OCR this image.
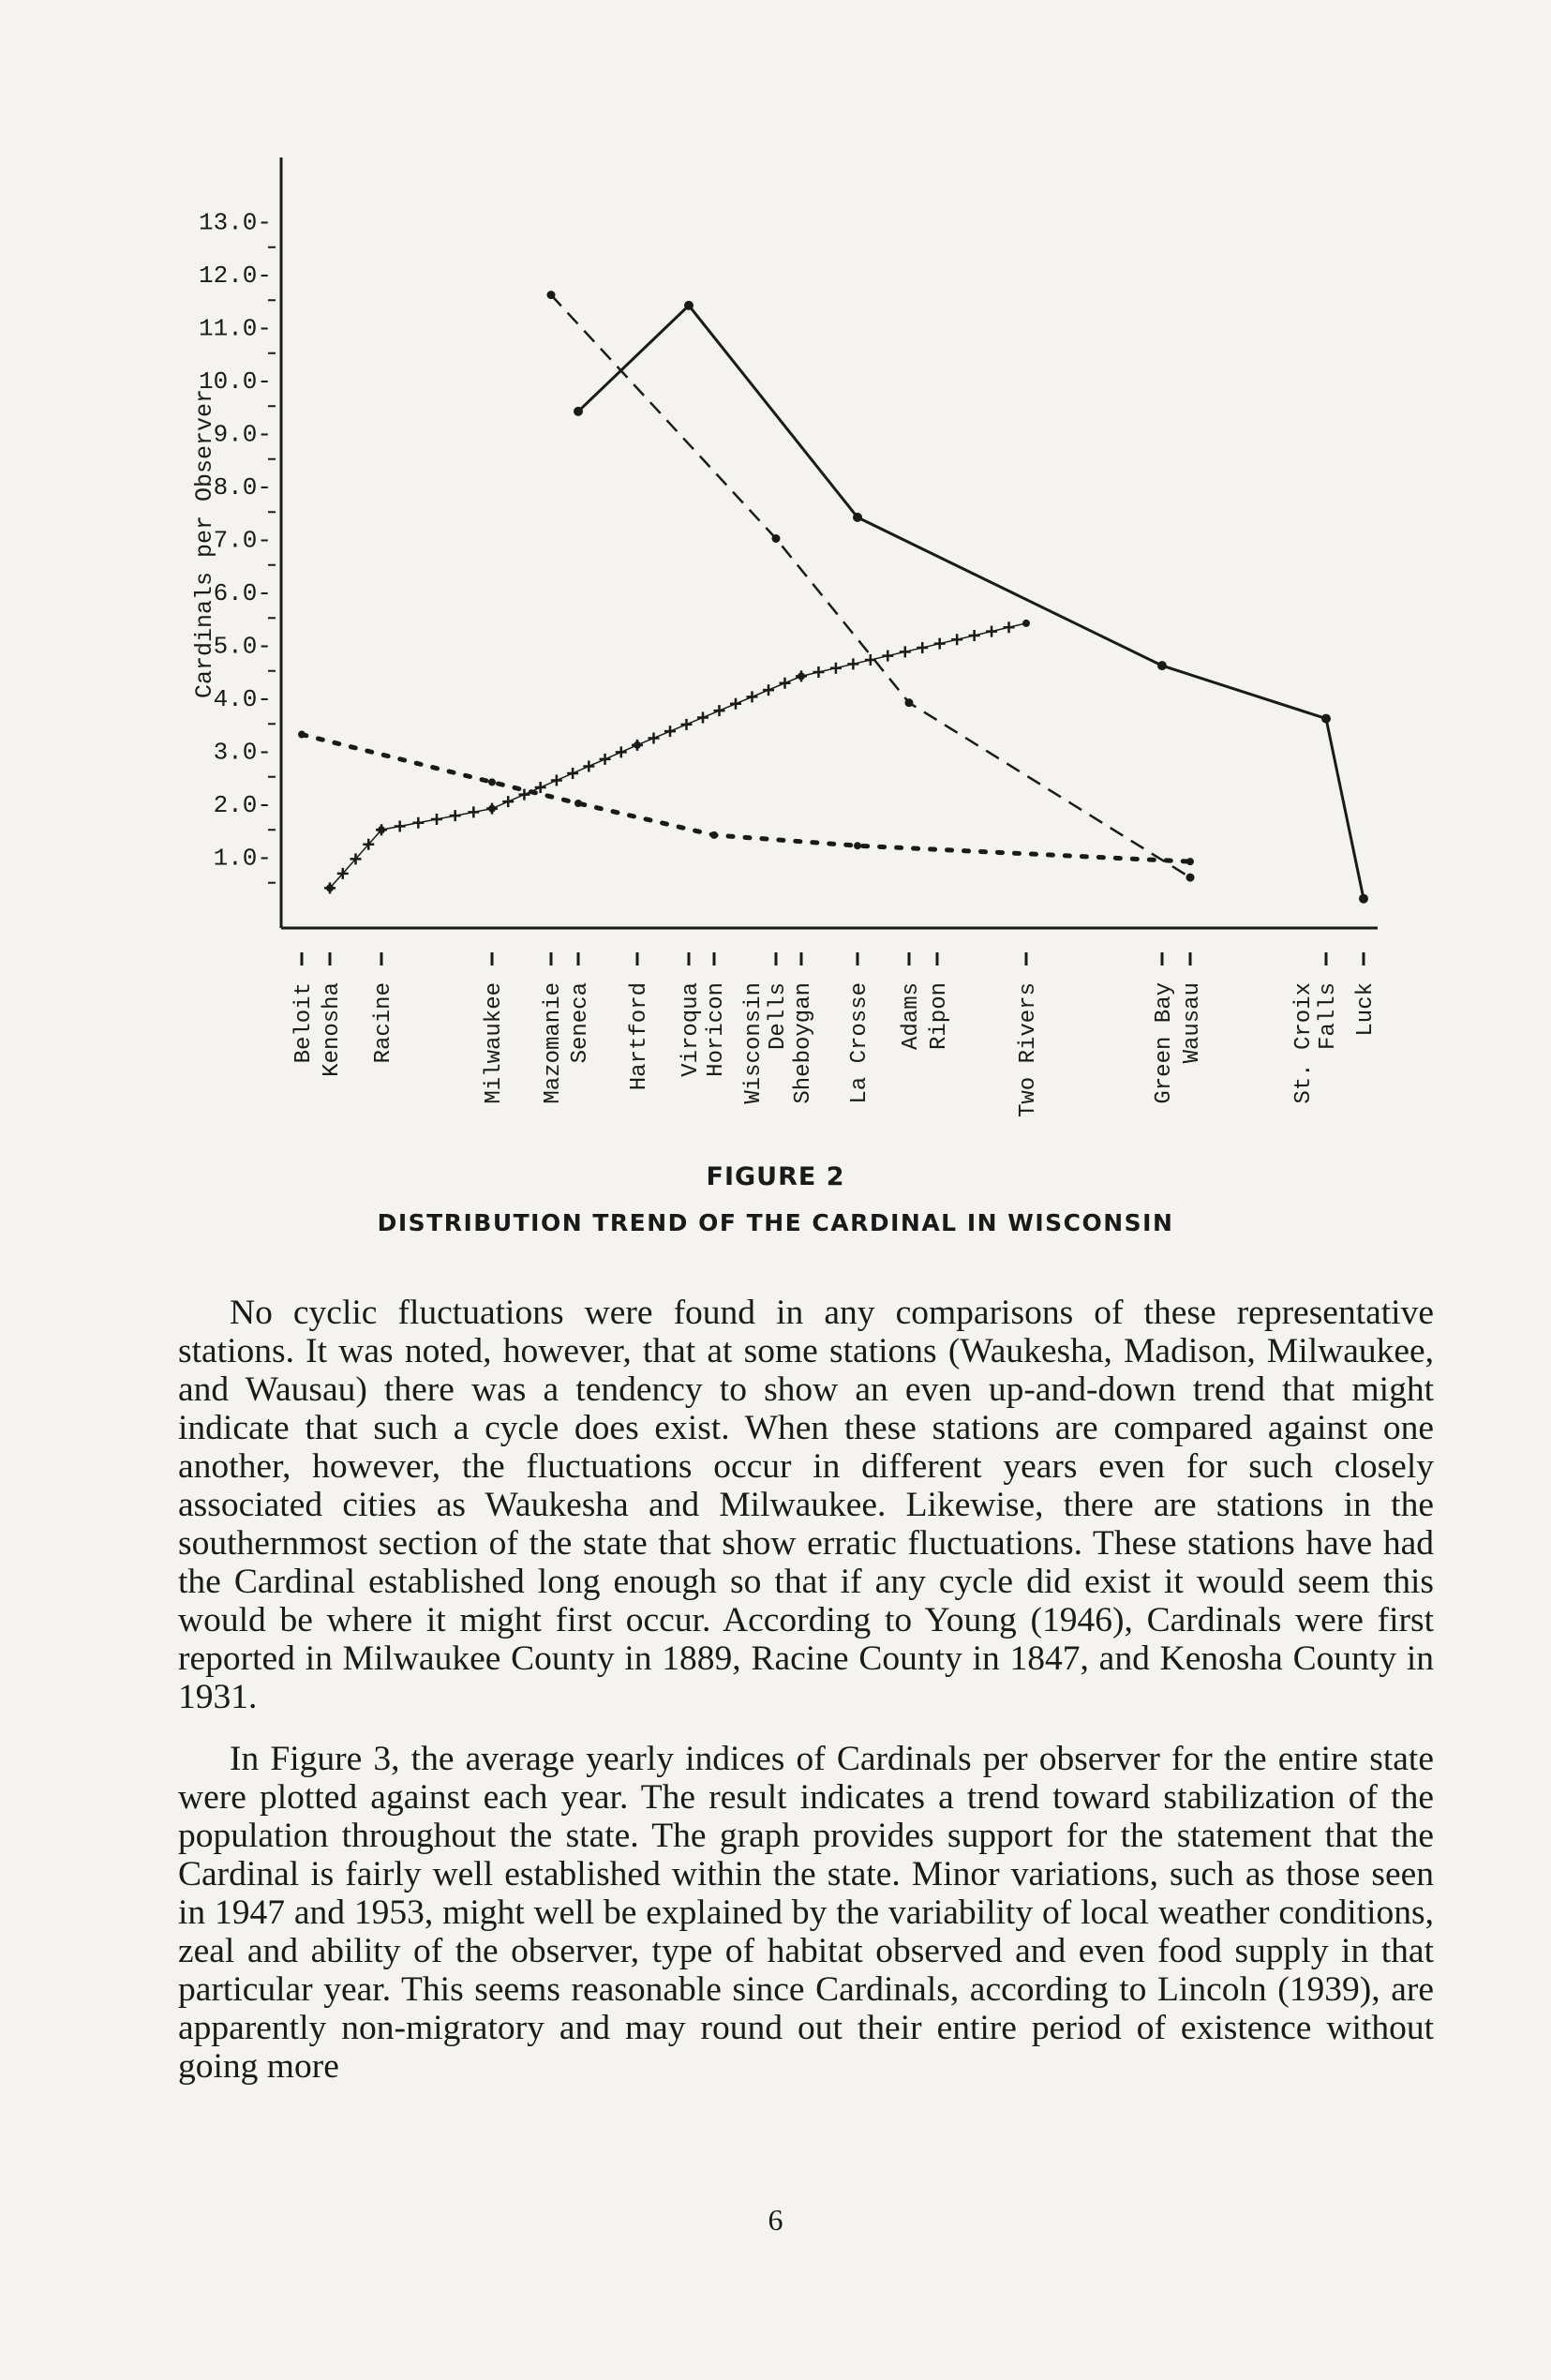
13.0-
12.0-
11.0-
10.0-
9.0-
8.0-
7.0-
6.0-
5.0-
4.0-
3.0-
2.0-
1.0-
Beloit Kenosha Racine	Milwaukee Mazomanie Seneca Hartford Viroqua Horicon Wisconsin Dells Sheboygan La Crosse Adams Ripon	Two Rivers	Green Bay Wausau	St. Croix Falls Luck
Cardinals per Observer
FIGURE 2
DISTRIBUTION TREND OF THE CARDINAL IN WISCONSIN

No cyclic fluctuations were found in any comparisons of these representative stations. It was noted, however, that at some stations (Waukesha, Madison, Milwaukee, and Wausau) there was a tendency to show an even up-and-down trend that might indicate that such a cycle does exist. When these stations are compared against one another, however, the fluctuations occur in different years even for such closely associated cities as Waukesha and Milwaukee. Likewise, there are stations in the southernmost section of the state that show erratic fluctuations. These stations have had the Cardinal established long enough so that if any cycle did exist it would seem this would be where it might first occur. According to Young (1946), Cardinals were first reported in Milwaukee County in 1889, Racine County in 1847, and Kenosha County in 1931.

In Figure 3, the average yearly indices of Cardinals per observer for the entire state were plotted against each year. The result indicates a trend toward stabilization of the population throughout the state. The graph provides support for the statement that the Cardinal is fairly well established within the state. Minor variations, such as those seen in 1947 and 1953, might well be explained by the variability of local weather conditions, zeal and ability of the observer, type of habitat observed and even food supply in that particular year. This seems reasonable since Cardinals, according to Lincoln (1939), are apparently non-migratory and may round out their entire period of existence without going more

6
